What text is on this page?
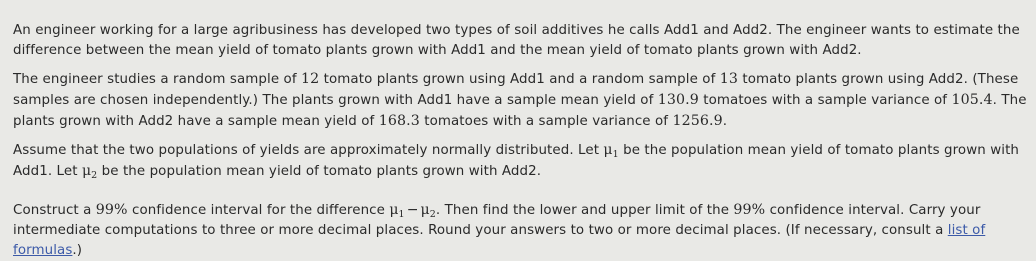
An engineer working for a large agribusiness has developed two types of soil additives he calls Add1 and Add2. The engineer wants to estimate the difference between the mean yield of tomato plants grown with Add1 and the mean yield of tomato plants grown with Add2.

The engineer studies a random sample of 12 tomato plants grown using Add1 and a random sample of 13 tomato plants grown using Add2. (These samples are chosen independently.) The plants grown with Add1 have a sample mean yield of 130.9 tomatoes with a sample variance of 105.4. The plants grown with Add2 have a sample mean yield of 168.3 tomatoes with a sample variance of 1256.9.

Assume that the two populations of yields are approximately normally distributed. Let $\mu_1$ be the population mean yield of tomato plants grown with Add1. Let $\mu_2$ be the population mean yield of tomato plants grown with Add2.

Construct a 99% confidence interval for the difference $\mu_1 - \mu_2$. Then find the lower and upper limit of the 99% confidence interval. Carry your intermediate computations to three or more decimal places. Round your answers to two or more decimal places. (If necessary, consult a list of formulas.)
